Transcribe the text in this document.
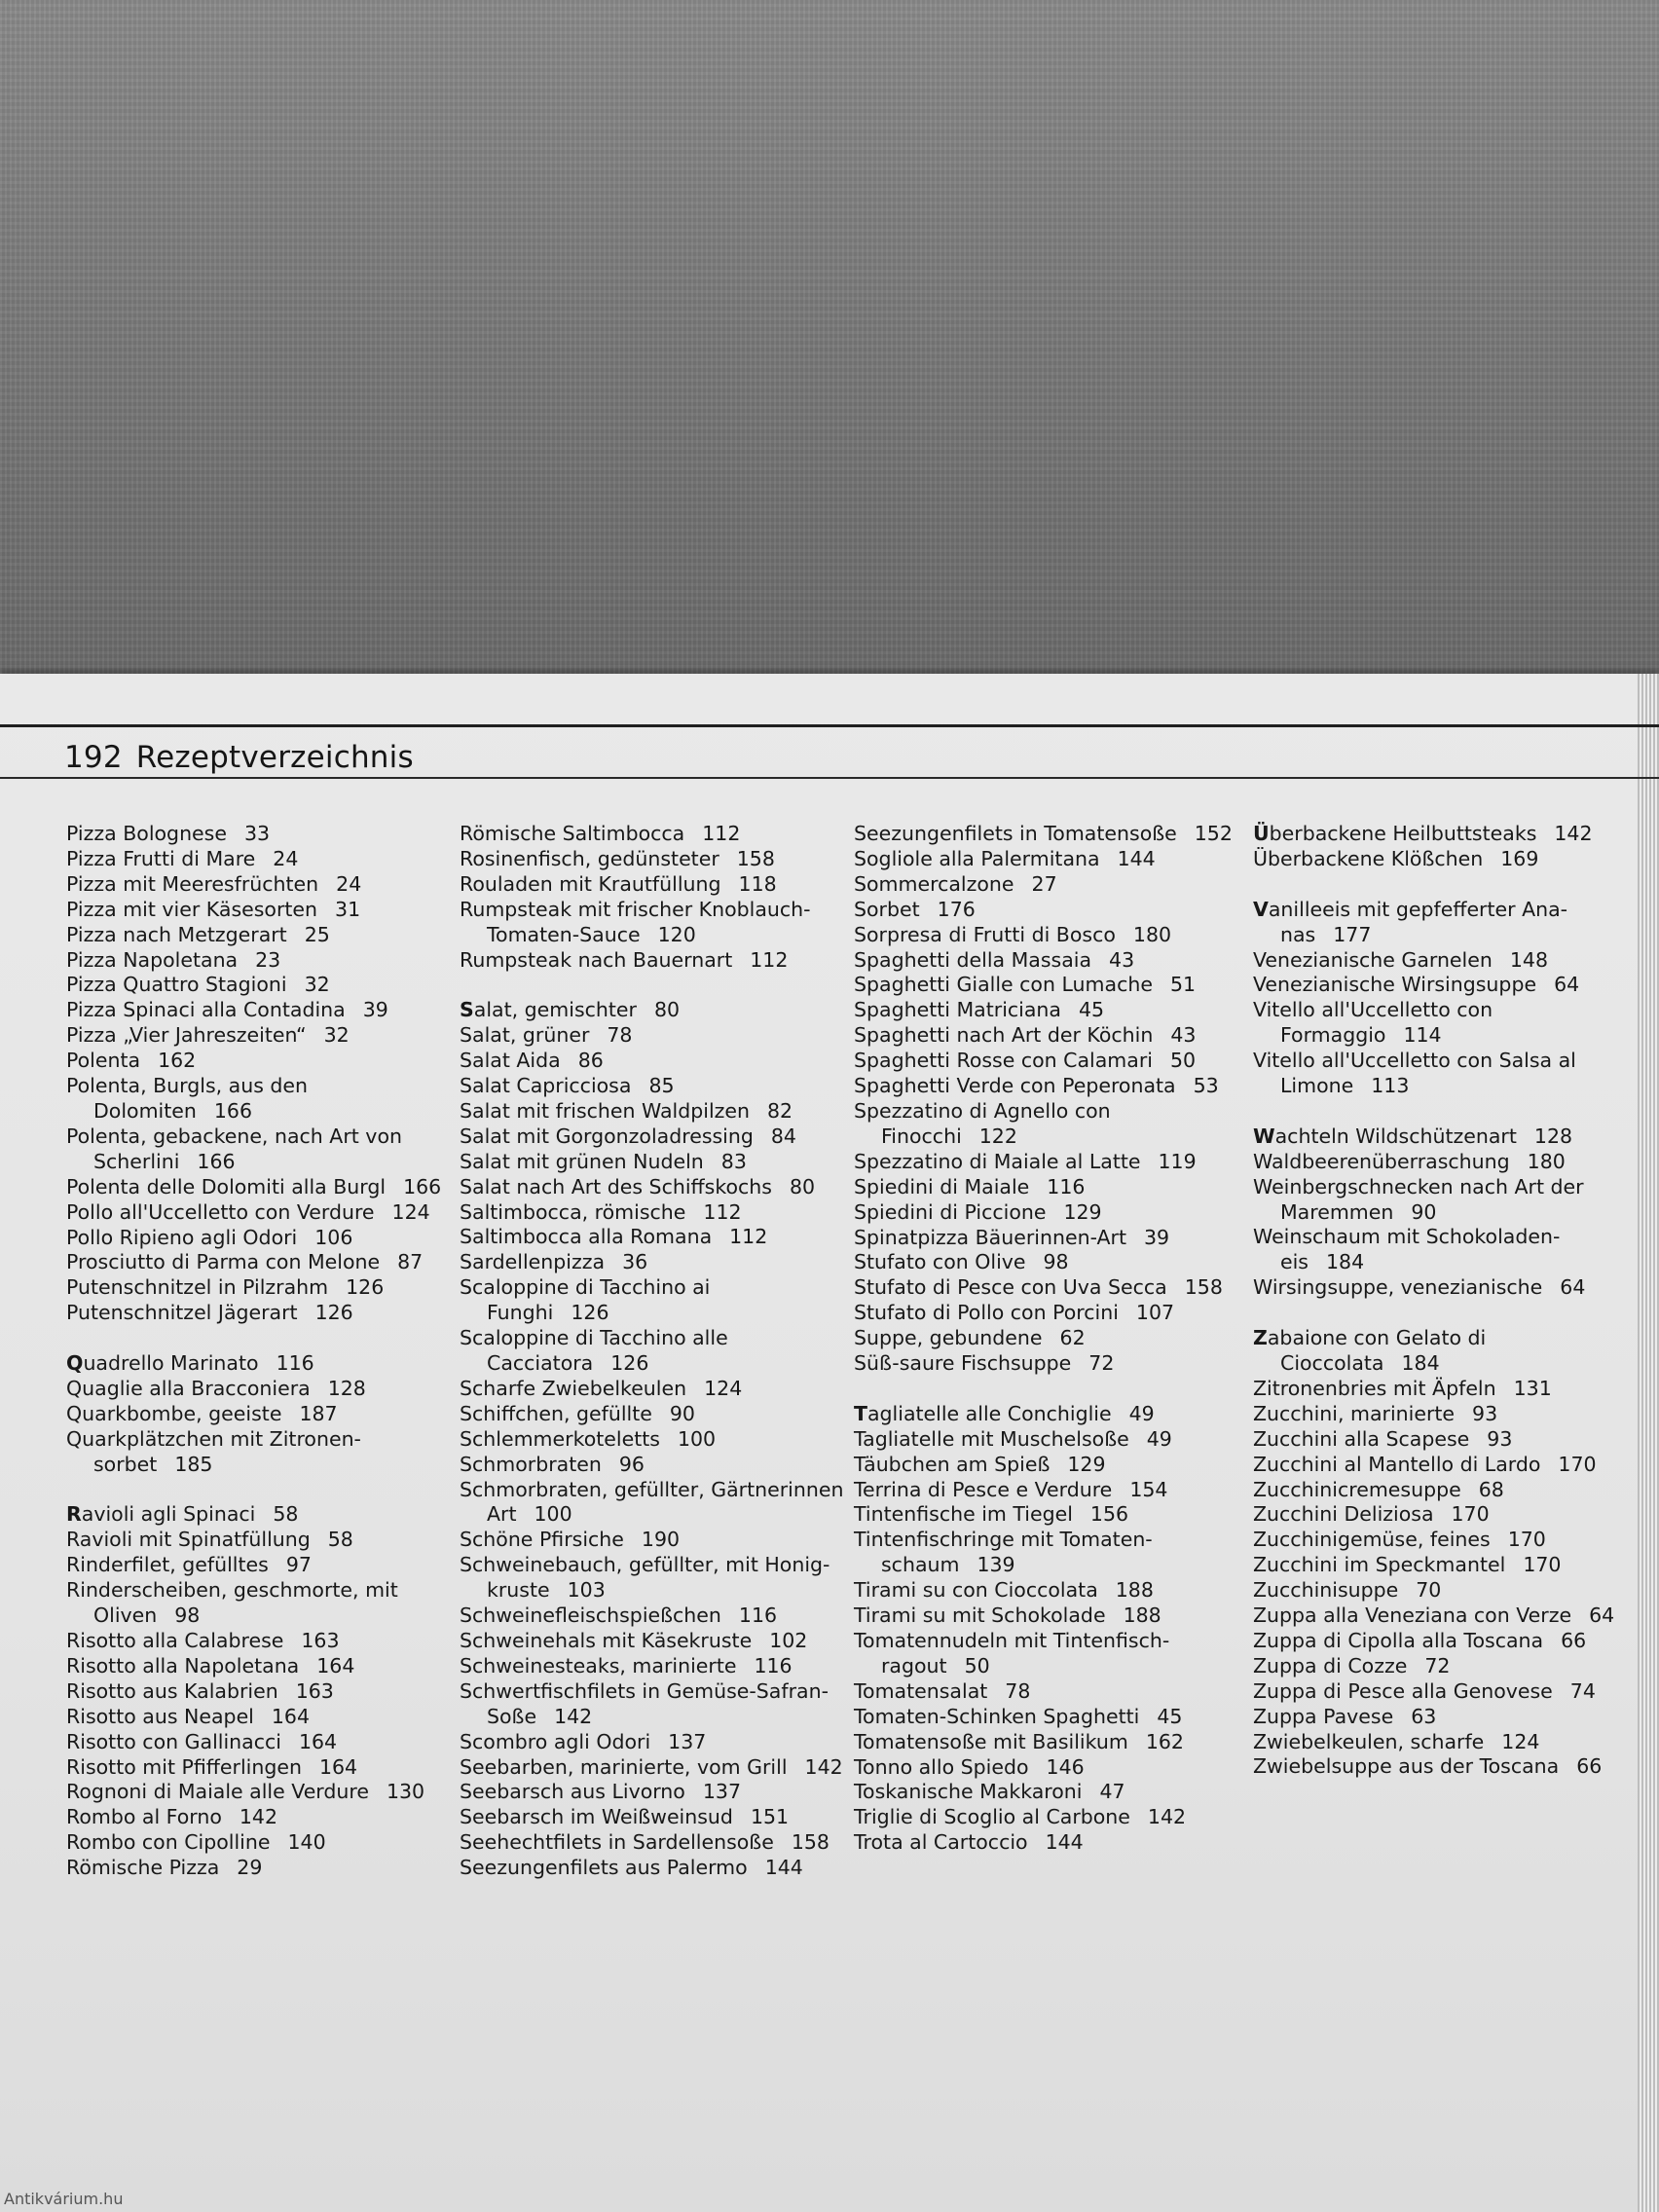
192 Rezeptverzeichnis
Pizza Bolognese 33
Pizza Frutti di Mare 24
Pizza mit Meeresfrüchten 24
Pizza mit vier Käsesorten 31
Pizza nach Metzgerart 25
Pizza Napoletana 23
Pizza Quattro Stagioni 32
Pizza Spinaci alla Contadina 39
Pizza „Vier Jahreszeiten“ 32
Polenta 162
Polenta, Burgls, aus den
Dolomiten 166
Polenta, gebackene, nach Art von
Scherlini 166
Polenta delle Dolomiti alla Burgl 166
Pollo all'Uccelletto con Verdure 124
Pollo Ripieno agli Odori 106
Prosciutto di Parma con Melone 87
Putenschnitzel in Pilzrahm 126
Putenschnitzel Jägerart 126
Quadrello Marinato 116
Quaglie alla Bracconiera 128
Quarkbombe, geeiste 187
Quarkplätzchen mit Zitronen-
sorbet 185
Ravioli agli Spinaci 58
Ravioli mit Spinatfüllung 58
Rinderfilet, gefülltes 97
Rinderscheiben, geschmorte, mit
Oliven 98
Risotto alla Calabrese 163
Risotto alla Napoletana 164
Risotto aus Kalabrien 163
Risotto aus Neapel 164
Risotto con Gallinacci 164
Risotto mit Pfifferlingen 164
Rognoni di Maiale alle Verdure 130
Rombo al Forno 142
Rombo con Cipolline 140
Römische Pizza 29
Römische Saltimbocca 112
Rosinenfisch, gedünsteter 158
Rouladen mit Krautfüllung 118
Rumpsteak mit frischer Knoblauch-
Tomaten-Sauce 120
Rumpsteak nach Bauernart 112
Salat, gemischter 80
Salat, grüner 78
Salat Aida 86
Salat Capricciosa 85
Salat mit frischen Waldpilzen 82
Salat mit Gorgonzoladressing 84
Salat mit grünen Nudeln 83
Salat nach Art des Schiffskochs 80
Saltimbocca, römische 112
Saltimbocca alla Romana 112
Sardellenpizza 36
Scaloppine di Tacchino ai
Funghi 126
Scaloppine di Tacchino alle
Cacciatora 126
Scharfe Zwiebelkeulen 124
Schiffchen, gefüllte 90
Schlemmerkoteletts 100
Schmorbraten 96
Schmorbraten, gefüllter, Gärtnerinnen
Art 100
Schöne Pfirsiche 190
Schweinebauch, gefüllter, mit Honig-
kruste 103
Schweinefleischspießchen 116
Schweinehals mit Käsekruste 102
Schweinesteaks, marinierte 116
Schwertfischfilets in Gemüse-Safran-
Soße 142
Scombro agli Odori 137
Seebarben, marinierte, vom Grill 142
Seebarsch aus Livorno 137
Seebarsch im Weißweinsud 151
Seehechtfilets in Sardellensoße 158
Seezungenfilets aus Palermo 144
Seezungenfilets in Tomatensoße 152
Sogliole alla Palermitana 144
Sommercalzone 27
Sorbet 176
Sorpresa di Frutti di Bosco 180
Spaghetti della Massaia 43
Spaghetti Gialle con Lumache 51
Spaghetti Matriciana 45
Spaghetti nach Art der Köchin 43
Spaghetti Rosse con Calamari 50
Spaghetti Verde con Peperonata 53
Spezzatino di Agnello con
Finocchi 122
Spezzatino di Maiale al Latte 119
Spiedini di Maiale 116
Spiedini di Piccione 129
Spinatpizza Bäuerinnen-Art 39
Stufato con Olive 98
Stufato di Pesce con Uva Secca 158
Stufato di Pollo con Porcini 107
Suppe, gebundene 62
Süß-saure Fischsuppe 72
Tagliatelle alle Conchiglie 49
Tagliatelle mit Muschelsoße 49
Täubchen am Spieß 129
Terrina di Pesce e Verdure 154
Tintenfische im Tiegel 156
Tintenfischringe mit Tomaten-
schaum 139
Tirami su con Cioccolata 188
Tirami su mit Schokolade 188
Tomatennudeln mit Tintenfisch-
ragout 50
Tomatensalat 78
Tomaten-Schinken Spaghetti 45
Tomatensoße mit Basilikum 162
Tonno allo Spiedo 146
Toskanische Makkaroni 47
Triglie di Scoglio al Carbone 142
Trota al Cartoccio 144
Überbackene Heilbuttsteaks 142
Überbackene Klößchen 169
Vanilleeis mit gepfefferter Ana-
nas 177
Venezianische Garnelen 148
Venezianische Wirsingsuppe 64
Vitello all'Uccelletto con
Formaggio 114
Vitello all'Uccelletto con Salsa al
Limone 113
Wachteln Wildschützenart 128
Waldbeerenüberraschung 180
Weinbergschnecken nach Art der
Maremmen 90
Weinschaum mit Schokoladen-
eis 184
Wirsingsuppe, venezianische 64
Zabaione con Gelato di
Cioccolata 184
Zitronenbries mit Äpfeln 131
Zucchini, marinierte 93
Zucchini alla Scapese 93
Zucchini al Mantello di Lardo 170
Zucchinicremesuppe 68
Zucchini Deliziosa 170
Zucchinigemüse, feines 170
Zucchini im Speckmantel 170
Zucchinisuppe 70
Zuppa alla Veneziana con Verze 64
Zuppa di Cipolla alla Toscana 66
Zuppa di Cozze 72
Zuppa di Pesce alla Genovese 74
Zuppa Pavese 63
Zwiebelkeulen, scharfe 124
Zwiebelsuppe aus der Toscana 66
Antikvárium.hu
